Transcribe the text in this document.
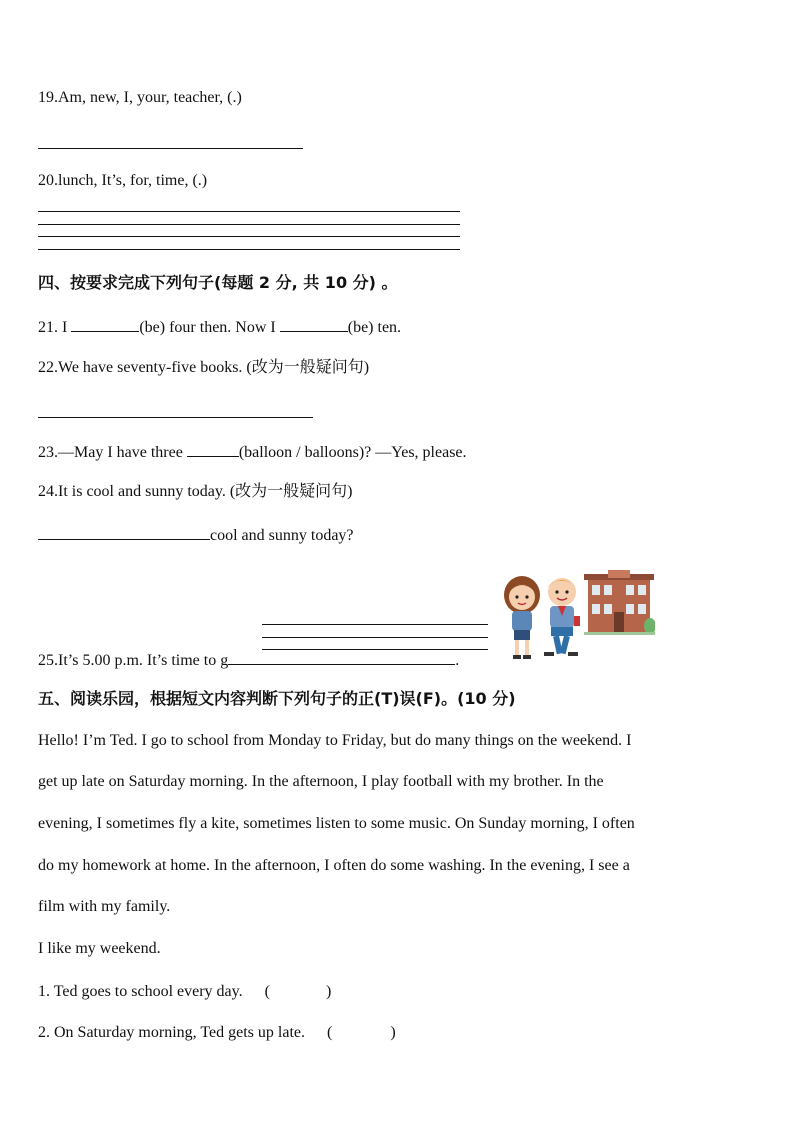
19.Am, new, I, your, teacher, (.)
20.lunch, It’s, for, time, (.)
四、按要求完成下列句子(每题 2 分, 共 10 分) 。
21. I	(be) four then. Now I	(be) ten.
22.We have seventy-five books. (改为一般疑问句)
23.—May I have three	(balloon / balloons)? —Yes, please.
24.It is cool and sunny today. (改为一般疑问句)
cool and sunny today?
25.It’s 5.00 p.m. It’s time to g	.
五、阅读乐园，根据短文内容判断下列句子的正(T)误(F)。(10 分)
Hello! I’m Ted. I go to school from Monday to Friday, but do many things on the weekend. I
get up late on Saturday morning. In the afternoon, I play football with my brother. In the
evening, I sometimes fly a kite, sometimes listen to some music. On Sunday morning, I often
do my homework at home. In the afternoon, I often do some washing. In the evening, I see a
film with my family.
I like my weekend.
1. Ted goes to school every day. (	)
2. On Saturday morning, Ted gets up late. (	)
